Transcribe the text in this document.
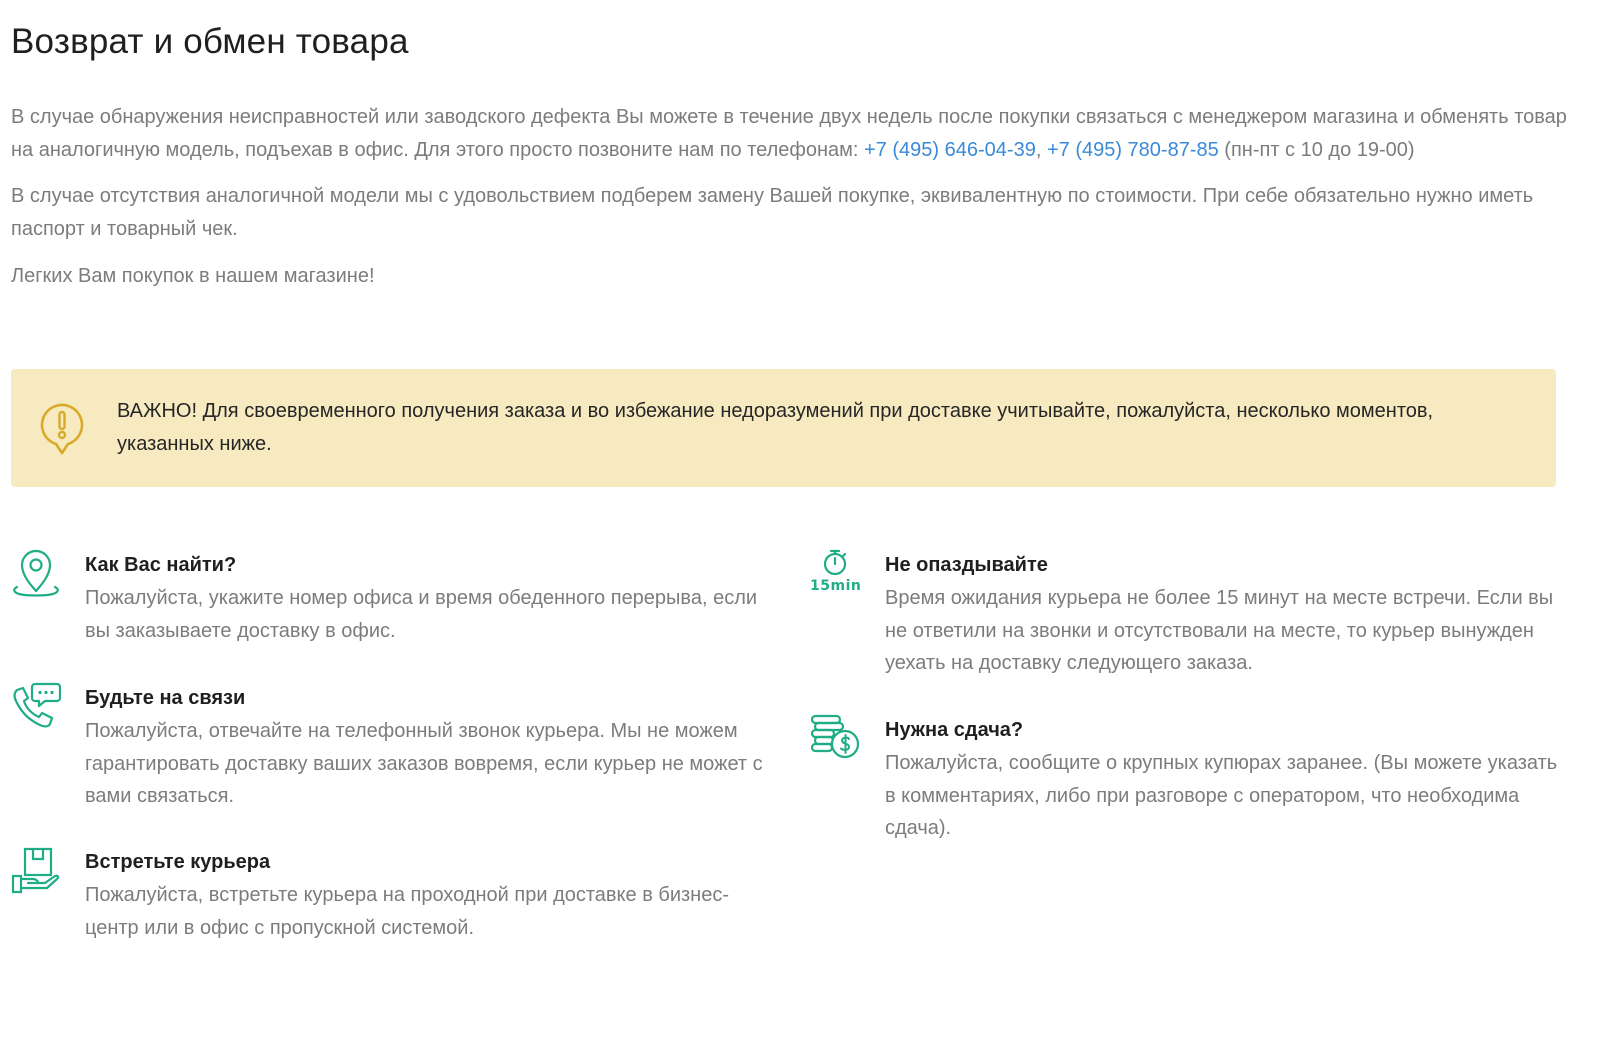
Возврат и обмен товара

В случае обнаружения неисправностей или заводского дефекта Вы можете в течение двух недель после покупки связаться с менеджером магазина и обменять товар на аналогичную модель, подъехав в офис. Для этого просто позвоните нам по телефонам: +7 (495) 646-04-39, +7 (495) 780-87-85 (пн-пт с 10 до 19-00)

В случае отсутствия аналогичной модели мы с удовольствием подберем замену Вашей покупке, эквивалентную по стоимости. При себе обязательно нужно иметь паспорт и товарный чек.

Легких Вам покупок в нашем магазине!

ВАЖНО! Для своевременного получения заказа и во избежание недоразумений при доставке учитывайте, пожалуйста, несколько моментов, указанных ниже.

Как Вас найти?

Пожалуйста, укажите номер офиса и время обеденного перерыва, если вы заказываете доставку в офис.

Будьте на связи

Пожалуйста, отвечайте на телефонный звонок курьера. Мы не можем гарантировать доставку ваших заказов вовремя, если курьер не может с вами связаться.

Встретьте курьера

Пожалуйста, встретьте курьера на проходной при доставке в бизнес-центр или в офис с пропускной системой.

15min
Не опаздывайте

Время ожидания курьера не более 15 минут на месте встречи. Если вы не ответили на звонки и отсутствовали на месте, то курьер вынужден уехать на доставку следующего заказа.

Нужна сдача?

Пожалуйста, сообщите о крупных купюрах заранее. (Вы можете указать в комментариях, либо при разговоре с оператором, что необходима сдача).
